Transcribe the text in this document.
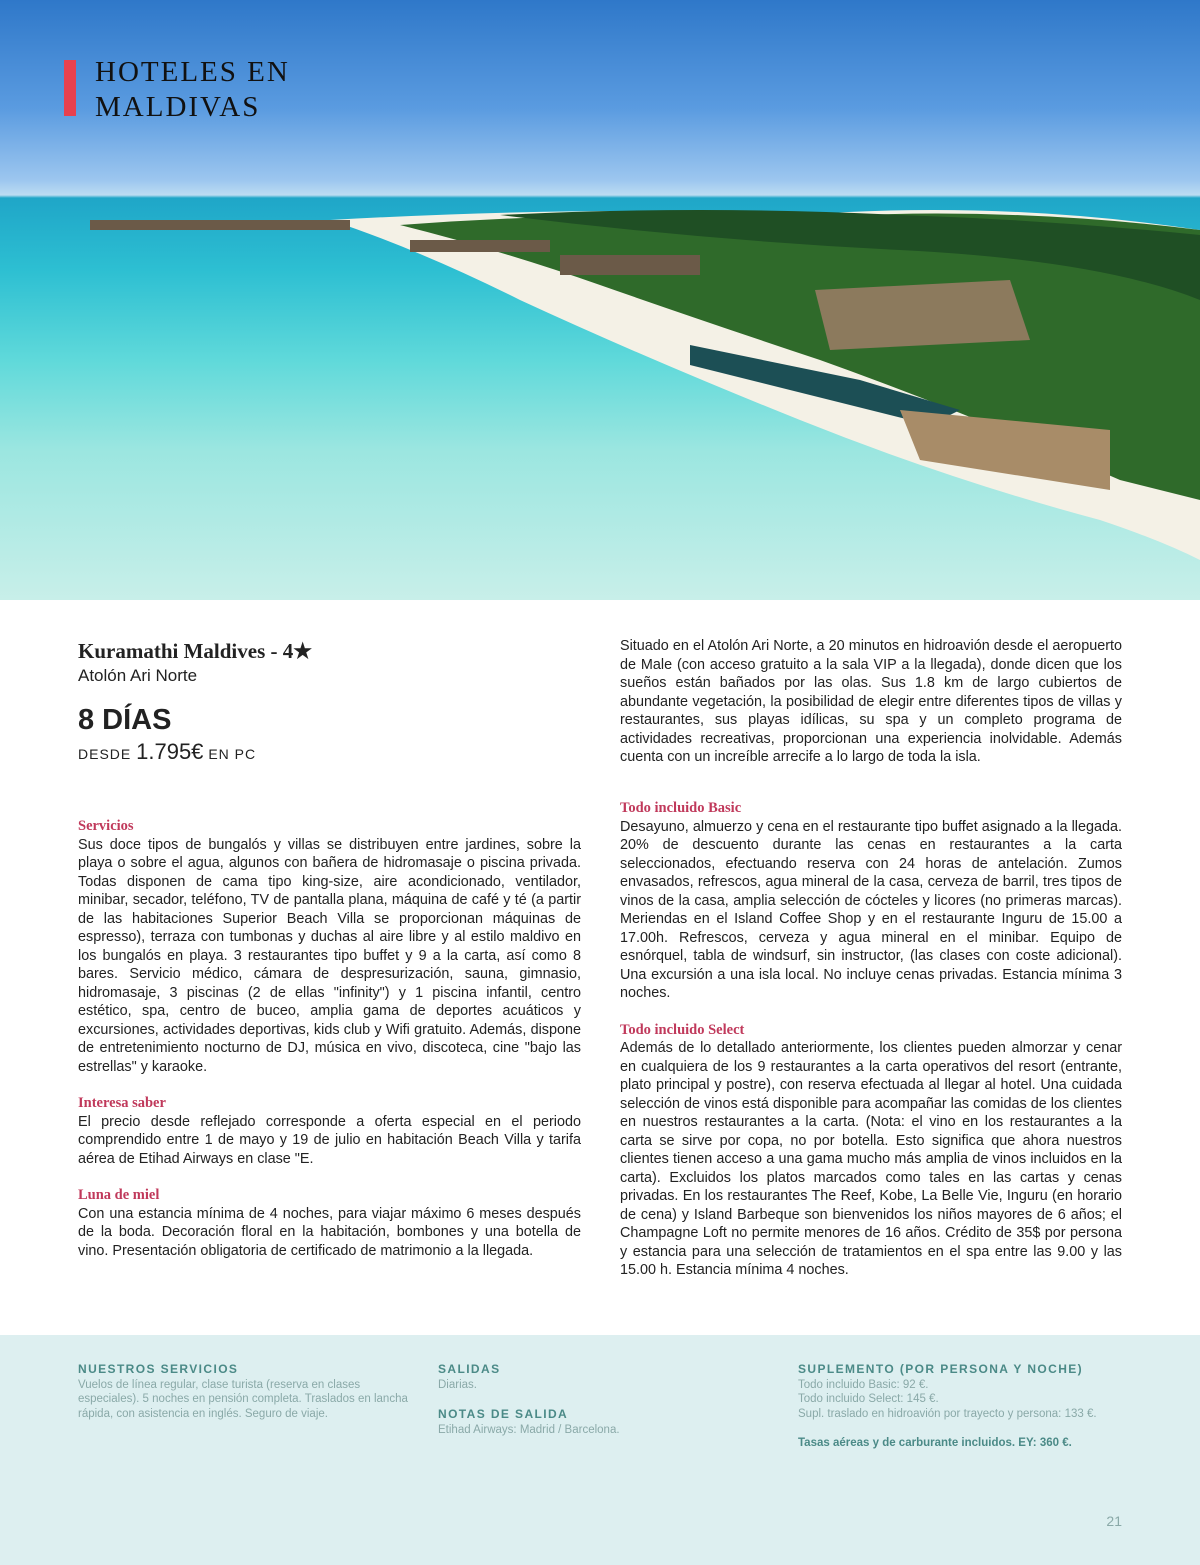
HOTELES EN
MALDIVAS
Kuramathi Maldives - 4★
Atolón Ari Norte
8 DÍAS
DESDE 1.795€ EN PC
Situado en el Atolón Ari Norte, a 20 minutos en hidroavión desde el aeropuerto de Male (con acceso gratuito a la sala VIP a la llegada), donde dicen que los sueños están bañados por las olas. Sus 1.8 km de largo cubiertos de abundante vegetación, la posibilidad de elegir entre diferentes tipos de villas y restaurantes, sus playas idílicas, su spa y un completo programa de actividades recreativas, proporcionan una experiencia inolvidable. Además cuenta con un increíble arrecife a lo largo de toda la isla.

Servicios
Sus doce tipos de bungalós y villas se distribuyen entre jardines, sobre la playa o sobre el agua, algunos con bañera de hidromasaje o piscina privada. Todas disponen de cama tipo king-size, aire acondicionado, ventilador, minibar, secador, teléfono, TV de pantalla plana, máquina de café y té (a partir de las habitaciones Superior Beach Villa se proporcionan máquinas de espresso), terraza con tumbonas y duchas al aire libre y al estilo maldivo en los bungalós en playa. 3 restaurantes tipo buffet y 9 a la carta, así como 8 bares. Servicio médico, cámara de despresurización, sauna, gimnasio, hidromasaje, 3 piscinas (2 de ellas "infinity") y 1 piscina infantil, centro estético, spa, centro de buceo, amplia gama de deportes acuáticos y excursiones, actividades deportivas, kids club y Wifi gratuito. Además, dispone de entretenimiento nocturno de DJ, música en vivo, discoteca, cine "bajo las estrellas" y karaoke.

Interesa saber
El precio desde reflejado corresponde a oferta especial en el periodo comprendido entre 1 de mayo y 19 de julio en habitación Beach Villa y tarifa aérea de Etihad Airways en clase "E.

Luna de miel
Con una estancia mínima de 4 noches, para viajar máximo 6 meses después de la boda. Decoración floral en la habitación, bombones y una botella de vino. Presentación obligatoria de certificado de matrimonio a la llegada.

Todo incluido Basic
Desayuno, almuerzo y cena en el restaurante tipo buffet asignado a la llegada. 20% de descuento durante las cenas en restaurantes a la carta seleccionados, efectuando reserva con 24 horas de antelación. Zumos envasados, refrescos, agua mineral de la casa, cerveza de barril, tres tipos de vinos de la casa, amplia selección de cócteles y licores (no primeras marcas). Meriendas en el Island Coffee Shop y en el restaurante Inguru de 15.00 a 17.00h. Refrescos, cerveza y agua mineral en el minibar. Equipo de esnórquel, tabla de windsurf, sin instructor, (las clases con coste adicional). Una excursión a una isla local. No incluye cenas privadas. Estancia mínima 3 noches.
Todo incluido Select
Además de lo detallado anteriormente, los clientes pueden almorzar y cenar en cualquiera de los 9 restaurantes a la carta operativos del resort (entrante, plato principal y postre), con reserva efectuada al llegar al hotel. Una cuidada selección de vinos está disponible para acompañar las comidas de los clientes en nuestros restaurantes a la carta. (Nota: el vino en los restaurantes a la carta se sirve por copa, no por botella. Esto significa que ahora nuestros clientes tienen acceso a una gama mucho más amplia de vinos incluidos en la carta). Excluidos los platos marcados como tales en las cartas y cenas privadas. En los restaurantes The Reef, Kobe, La Belle Vie, Inguru (en horario de cena) y Island Barbeque son bienvenidos los niños mayores de 6 años; el Champagne Loft no permite menores de 16 años. Crédito de 35$ por persona y estancia para una selección de tratamientos en el spa entre las 9.00 y las 15.00 h. Estancia mínima 4 noches.
NUESTROS SERVICIOS
Vuelos de línea regular, clase turista (reserva en clases especiales). 5 noches en pensión completa. Traslados en lancha rápida, con asistencia en inglés. Seguro de viaje.
SALIDAS
Diarias.
NOTAS DE SALIDA
Etihad Airways: Madrid / Barcelona.
SUPLEMENTO (POR PERSONA Y NOCHE)
Todo incluido Basic: 92 €.
Todo incluido Select: 145 €.
Supl. traslado en hidroavión por trayecto y persona: 133 €.
Tasas aéreas y de carburante incluidos. EY: 360 €.
21
